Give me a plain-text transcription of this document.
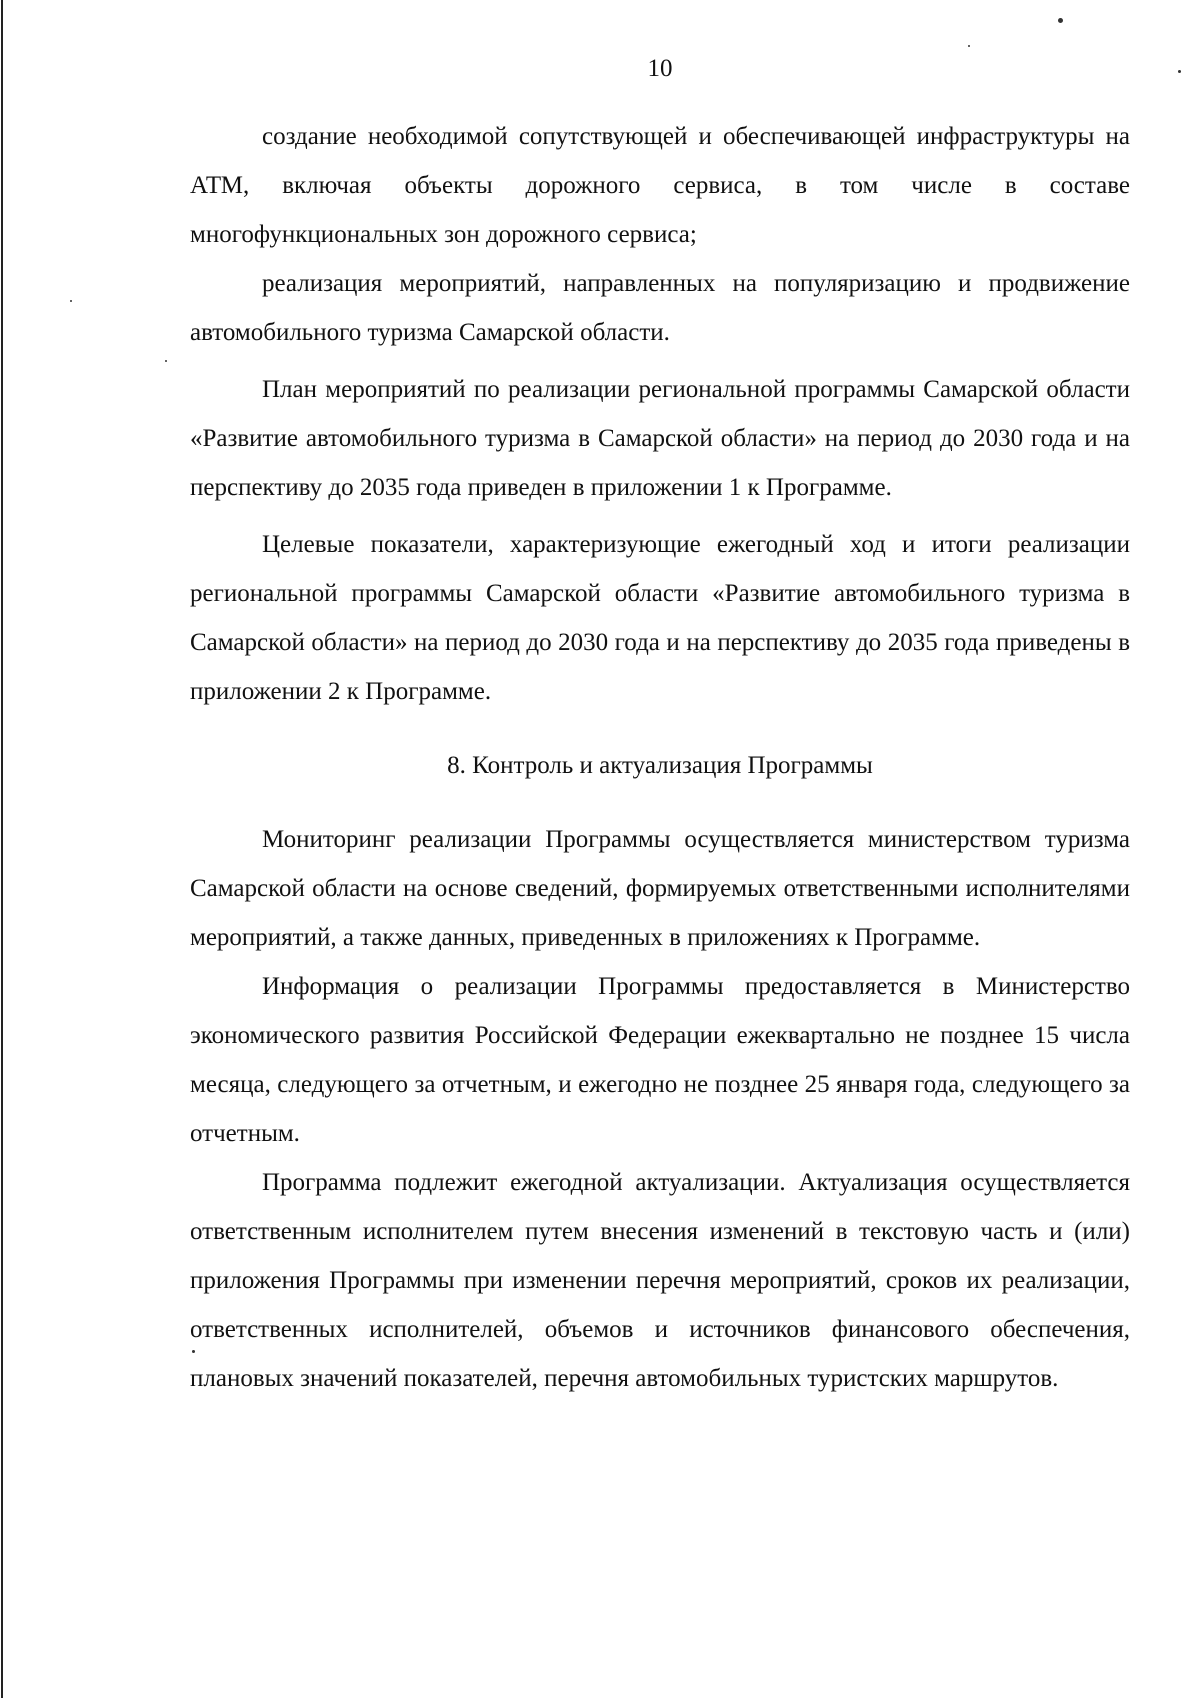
10

создание необходимой сопутствующей и обеспечивающей инфраструктуры на АТМ, включая объекты дорожного сервиса, в том числе в составе многофункциональных зон дорожного сервиса;

реализация мероприятий, направленных на популяризацию и продвижение автомобильного туризма Самарской области.

План мероприятий по реализации региональной программы Самарской области «Развитие автомобильного туризма в Самарской области» на период до 2030 года и на перспективу до 2035 года приведен в приложении 1 к Программе.

Целевые показатели, характеризующие ежегодный ход и итоги реализации региональной программы Самарской области «Развитие автомобильного туризма в Самарской области» на период до 2030 года и на перспективу до 2035 года приведены в приложении 2 к Программе.

8. Контроль и актуализация Программы

Мониторинг реализации Программы осуществляется министерством туризма Самарской области на основе сведений, формируемых ответственными исполнителями мероприятий, а также данных, приведенных в приложениях к Программе.

Информация о реализации Программы предоставляется в Министерство экономического развития Российской Федерации ежеквартально не позднее 15 числа месяца, следующего за отчетным, и ежегодно не позднее 25 января года, следующего за отчетным.

Программа подлежит ежегодной актуализации. Актуализация осуществляется ответственным исполнителем путем внесения изменений в текстовую часть и (или) приложения Программы при изменении перечня мероприятий, сроков их реализации, ответственных исполнителей, объемов и источников финансового обеспечения, плановых значений показателей, перечня автомобильных туристских маршрутов.
